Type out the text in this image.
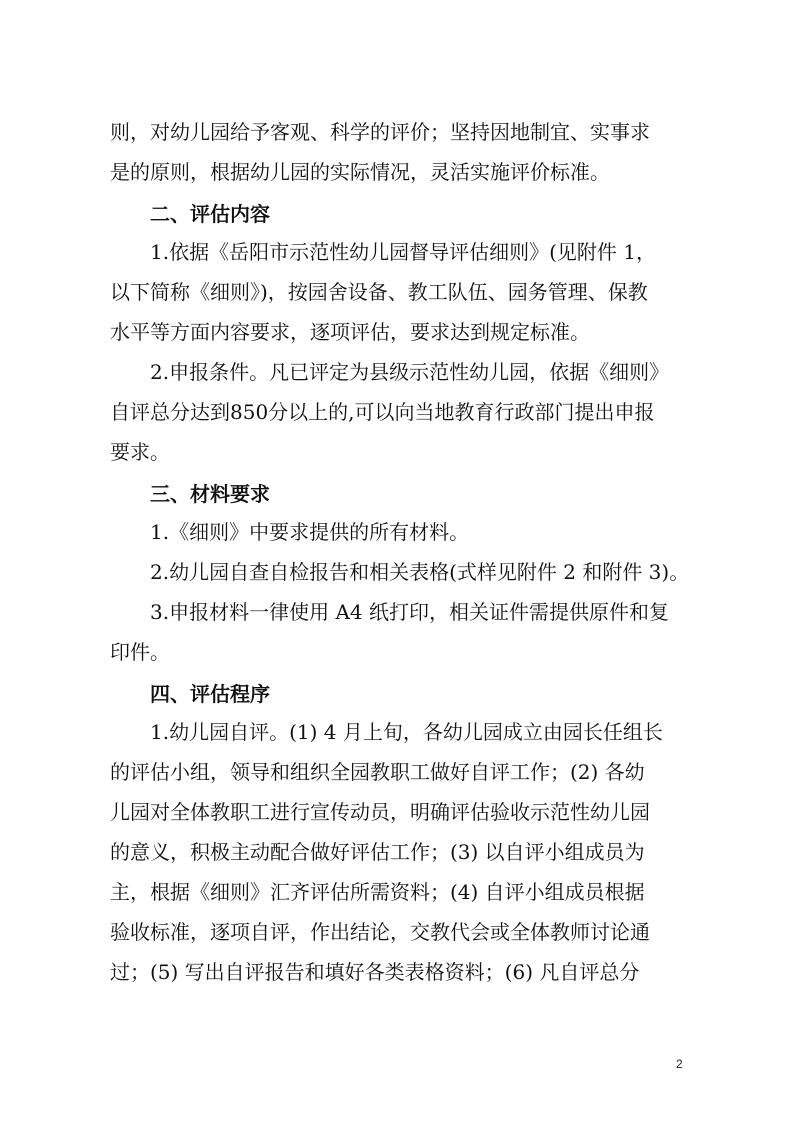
则，对幼儿园给予客观、科学的评价；坚持因地制宜、实事求
是的原则，根据幼儿园的实际情况，灵活实施评价标准。
二、评估内容
1.依据《岳阳市示范性幼儿园督导评估细则》(见附件 1，
以下简称《细则》)，按园舍设备、教工队伍、园务管理、保教
水平等方面内容要求，逐项评估，要求达到规定标准。
2.申报条件。凡已评定为县级示范性幼儿园，依据《细则》
自评总分达到850分以上的,可以向当地教育行政部门提出申报
要求。
三、材料要求
1.《细则》中要求提供的所有材料。
2.幼儿园自查自检报告和相关表格(式样见附件 2 和附件 3)。
3.申报材料一律使用 A4 纸打印，相关证件需提供原件和复
印件。
四、评估程序
1.幼儿园自评。(1) 4 月上旬，各幼儿园成立由园长任组长
的评估小组，领导和组织全园教职工做好自评工作；(2) 各幼
儿园对全体教职工进行宣传动员，明确评估验收示范性幼儿园
的意义，积极主动配合做好评估工作；(3) 以自评小组成员为
主，根据《细则》汇齐评估所需资料；(4) 自评小组成员根据
验收标准，逐项自评，作出结论，交教代会或全体教师讨论通
过；(5) 写出自评报告和填好各类表格资料；(6) 凡自评总分
2
